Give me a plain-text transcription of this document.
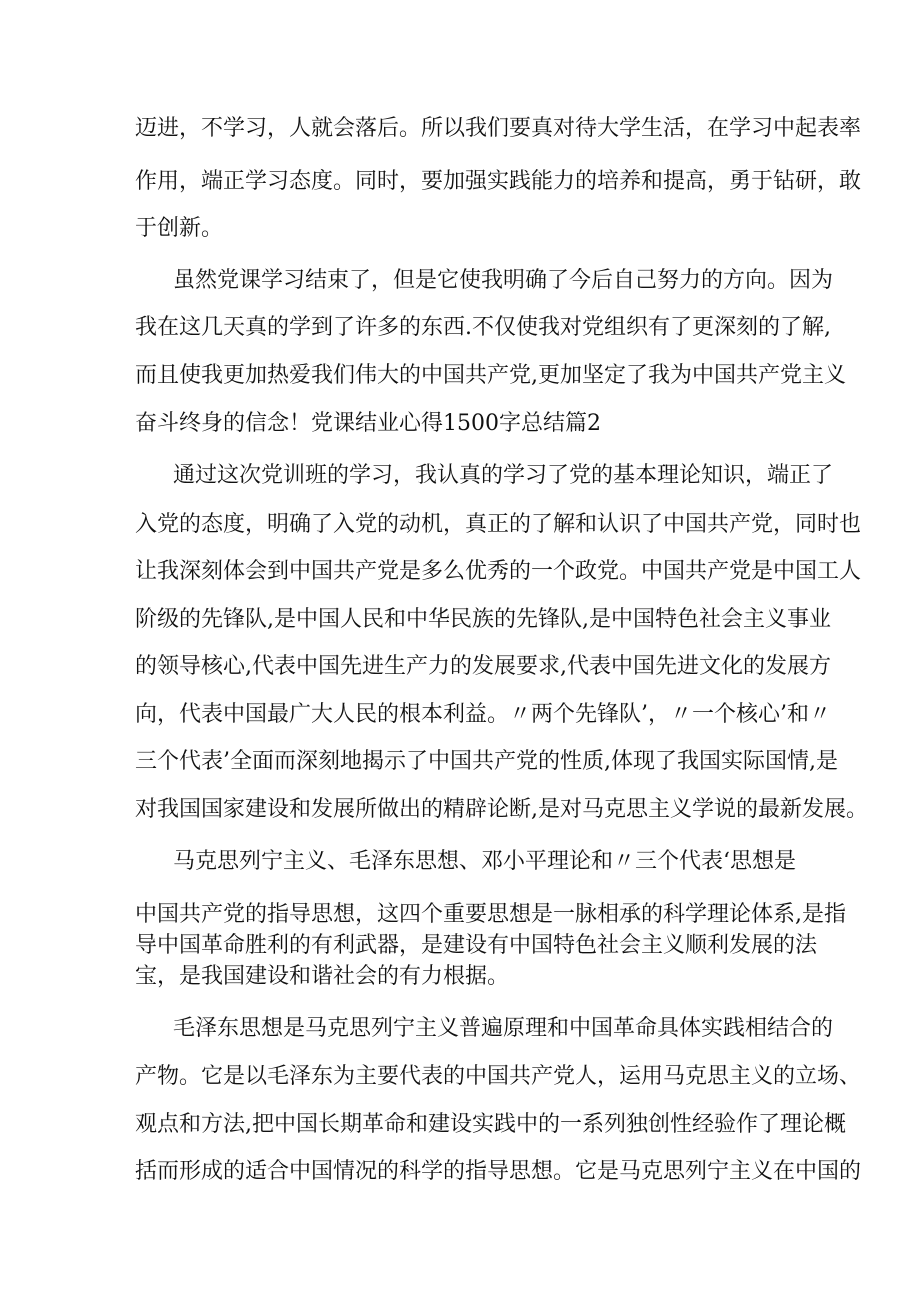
迈进，不学习，人就会落后。所以我们要真对待大学生活，在学习中起表率
作用，端正学习态度。同时，要加强实践能力的培养和提高，勇于钻研，敢
于创新。
虽然党课学习结束了，但是它使我明确了今后自己努力的方向。因为
我在这几天真的学到了许多的东西.不仅使我对党组织有了更深刻的了解,
而且使我更加热爱我们伟大的中国共产党,更加坚定了我为中国共产党主义
奋斗终身的信念！党课结业心得1500字总结篇2
通过这次党训班的学习，我认真的学习了党的基本理论知识，端正了
入党的态度，明确了入党的动机，真正的了解和认识了中国共产党，同时也
让我深刻体会到中国共产党是多么优秀的一个政党。中国共产党是中国工人
阶级的先锋队,是中国人民和中华民族的先锋队,是中国特色社会主义事业
的领导核心,代表中国先进生产力的发展要求,代表中国先进文化的发展方
向，代表中国最广大人民的根本利益。〃两个先锋队’，〃一个核心’和〃
三个代表’全面而深刻地揭示了中国共产党的性质,体现了我国实际国情,是
对我国国家建设和发展所做出的精辟论断,是对马克思主义学说的最新发展。
马克思列宁主义、毛泽东思想、邓小平理论和〃三个代表‘思想是
中国共产党的指导思想，这四个重要思想是一脉相承的科学理论体系,是指
导中国革命胜利的有利武器，是建设有中国特色社会主义顺利发展的法
宝，是我国建设和谐社会的有力根据。
毛泽东思想是马克思列宁主义普遍原理和中国革命具体实践相结合的
产物。它是以毛泽东为主要代表的中国共产党人，运用马克思主义的立场、
观点和方法,把中国长期革命和建设实践中的一系列独创性经验作了理论概
括而形成的适合中国情况的科学的指导思想。它是马克思列宁主义在中国的
